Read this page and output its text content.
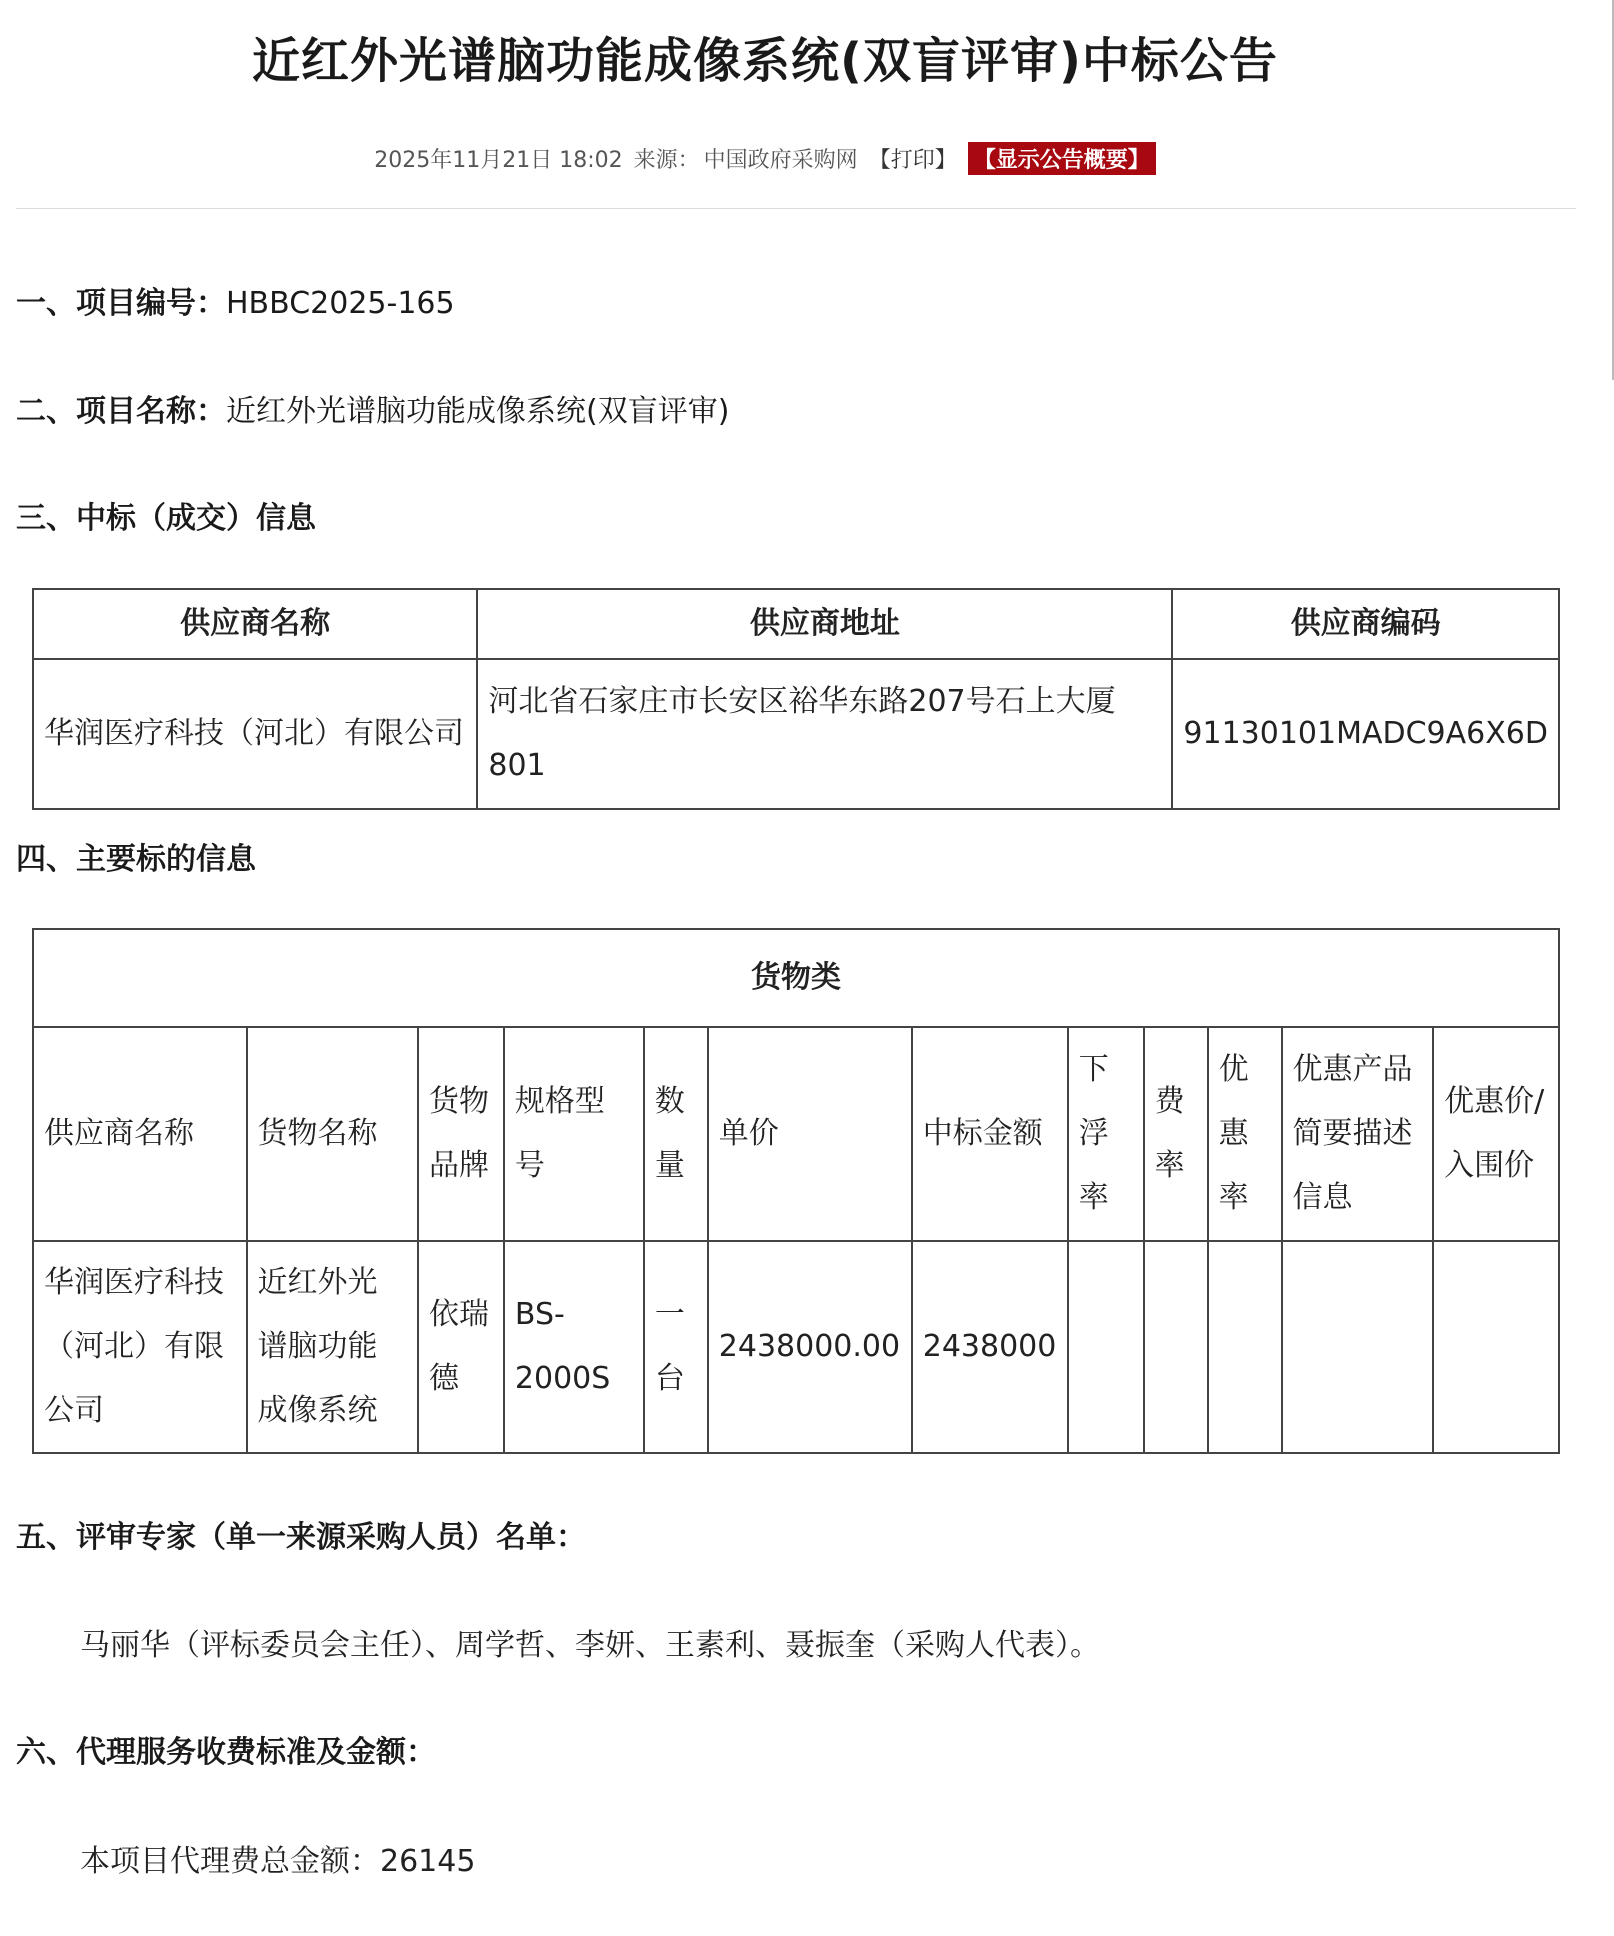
近红外光谱脑功能成像系统(双盲评审)中标公告
2025年11月21日 18:02 来源： 中国政府采购网 【打印】 【显示公告概要】
一、项目编号：HBBC2025-165
二、项目名称：近红外光谱脑功能成像系统(双盲评审)
三、中标（成交）信息
供应商名称	供应商地址	供应商编码
华润医疗科技（河北）有限公司	河北省石家庄市长安区裕华东路207号石上大厦801	91130101MADC9A6X6D
四、主要标的信息
货物类											
供应商名称	货物名称	货物品牌	规格型号	数量	单价	中标金额	下浮率	费率	优惠率	优惠产品简要描述信息	优惠价/入围价
华润医疗科技（河北）有限公司	近红外光谱脑功能成像系统	依瑞德	BS-2000S	一台	2438000.00	2438000					
五、评审专家（单一来源采购人员）名单：
马丽华（评标委员会主任）、周学哲、李妍、王素利、聂振奎（采购人代表）。
六、代理服务收费标准及金额：
本项目代理费总金额：26145
